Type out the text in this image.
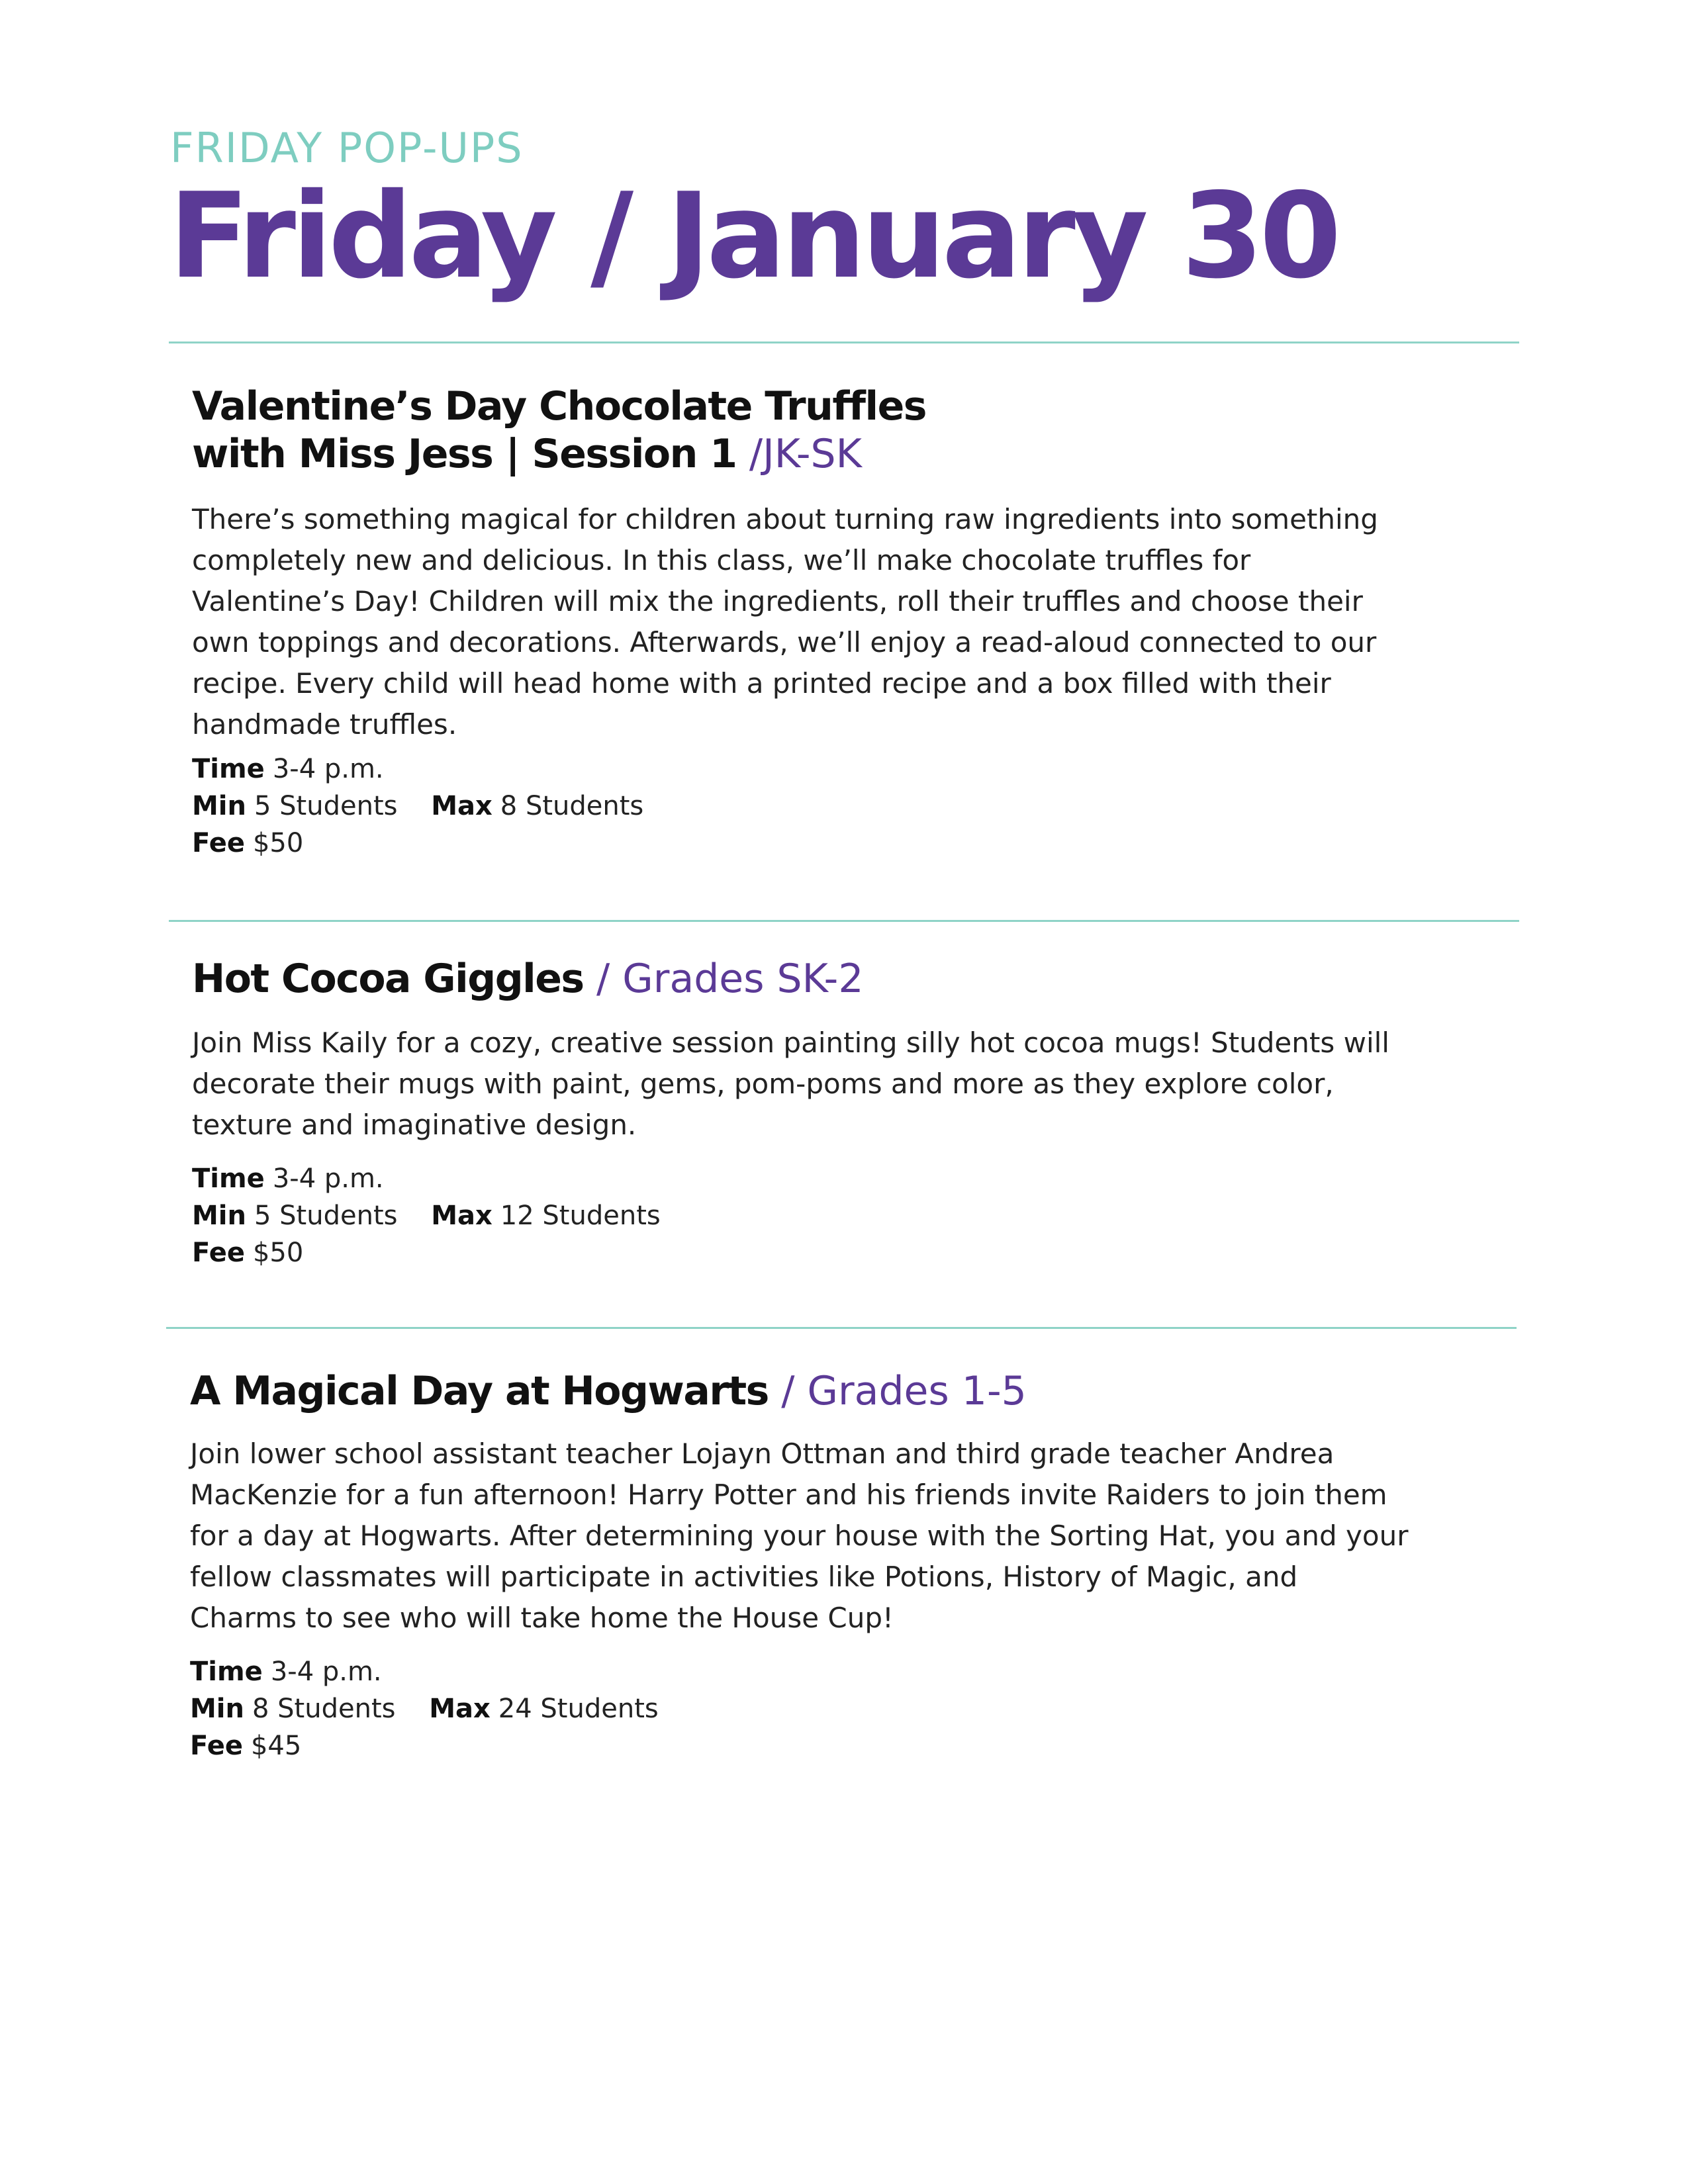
FRIDAY POP-UPS
Friday / January 30
Valentine’s Day Chocolate Truffles
with Miss Jess | Session 1 /JK-SK

There’s something magical for children about turning raw ingredients into something
completely new and delicious. In this class, we’ll make chocolate truffles for
Valentine’s Day! Children will mix the ingredients, roll their truffles and choose their
own toppings and decorations. Afterwards, we’ll enjoy a read-aloud connected to our
recipe. Every child will head home with a printed recipe and a box filled with their
handmade truffles.

Time 3-4 p.m.
Min 5 Students Max 8 Students
Fee $50
Hot Cocoa Giggles / Grades SK-2

Join Miss Kaily for a cozy, creative session painting silly hot cocoa mugs! Students will
decorate their mugs with paint, gems, pom-poms and more as they explore color,
texture and imaginative design.

Time 3-4 p.m.
Min 5 Students Max 12 Students
Fee $50
A Magical Day at Hogwarts / Grades 1-5

Join lower school assistant teacher Lojayn Ottman and third grade teacher Andrea
MacKenzie for a fun afternoon! Harry Potter and his friends invite Raiders to join them
for a day at Hogwarts. After determining your house with the Sorting Hat, you and your
fellow classmates will participate in activities like Potions, History of Magic, and
Charms to see who will take home the House Cup!

Time 3-4 p.m.
Min 8 Students Max 24 Students
Fee $45
